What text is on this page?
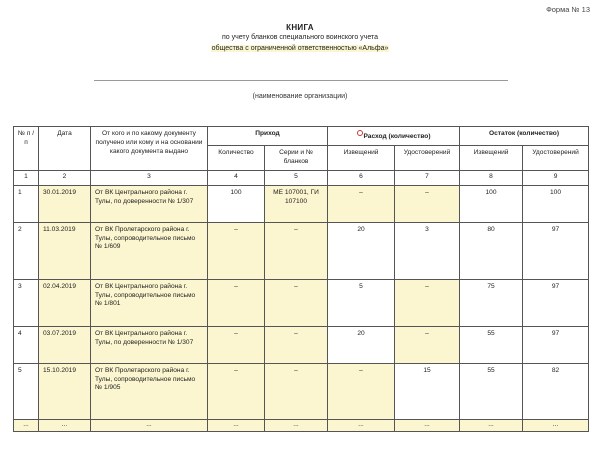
Форма № 13
КНИГА
по учету бланков специального воинского учета
общества с ограниченной ответственностью «Альфа»
(наименование организации)
№ п / п	Дата	От кого и по какому документу получено или кому и на основании какого документа выдано	Приход		Расход (количество)		Остаток (количество)	
			Количество	Серии и № бланков	Извещений	Удостоверений	Извещений	Удостоверений
1	2	3	4	5	6	7	8	9
1	30.01.2019	От ВК Центрального района г. Тулы, по доверенности № 1/307	100	МЕ 107001, ГИ 107100	–	–	100	100
2	11.03.2019	От ВК Пролетарского района г. Тулы, сопроводительное письмо № 1/609	–	–	20	3	80	97
3	02.04.2019	От ВК Центрального района г. Тулы, сопроводительное письмо № 1/801	–	–	5	–	75	97
4	03.07.2019	От ВК Центрального района г. Тулы, по доверенности № 1/307	–	–	20	–	55	97
5	15.10.2019	От ВК Пролетарского района г. Тулы, сопроводительное письмо № 1/905	–	–	–	15	55	82
...	...	...	...	...	...	...	...	...
